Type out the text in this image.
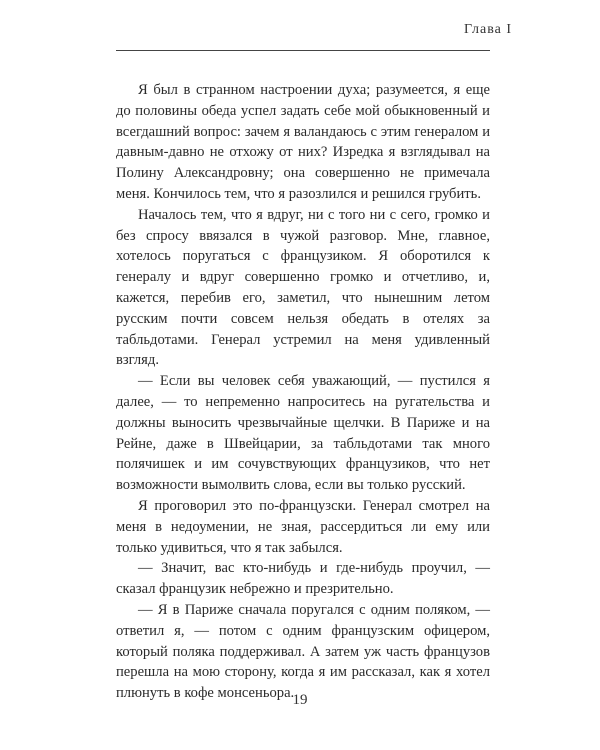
Глава I

Я был в странном настроении духа; разумеется, я еще до половины обеда успел задать себе мой обыкновенный и всегдашний вопрос: зачем я валандаюсь с этим генералом и давным-давно не отхожу от них? Изредка я взглядывал на Полину Александровну; она совершенно не примечала меня. Кончилось тем, что я разозлился и решился грубить.

Началось тем, что я вдруг, ни с того ни с сего, громко и без спросу ввязался в чужой разговор. Мне, главное, хотелось поругаться с французиком. Я оборотился к генералу и вдруг совершенно громко и отчетливо, и, кажется, перебив его, заметил, что нынешним летом русским почти совсем нельзя обедать в отелях за табльдотами. Генерал устремил на меня удивленный взгляд.

— Если вы человек себя уважающий, — пустился я далее, — то непременно напроситесь на ругательства и должны выносить чрезвычайные щелчки. В Париже и на Рейне, даже в Швейцарии, за табльдотами так много полячишек и им сочувствующих французиков, что нет возможности вымолвить слова, если вы только русский.

Я проговорил это по-французски. Генерал смотрел на меня в недоумении, не зная, рассердиться ли ему или только удивиться, что я так забылся.

— Значит, вас кто-нибудь и где-нибудь проучил, — сказал французик небрежно и презрительно.

— Я в Париже сначала поругался с одним поляком, — ответил я, — потом с одним французским офицером, который поляка поддерживал. А затем уж часть французов перешла на мою сторону, когда я им рассказал, как я хотел плюнуть в кофе монсеньора.

19
